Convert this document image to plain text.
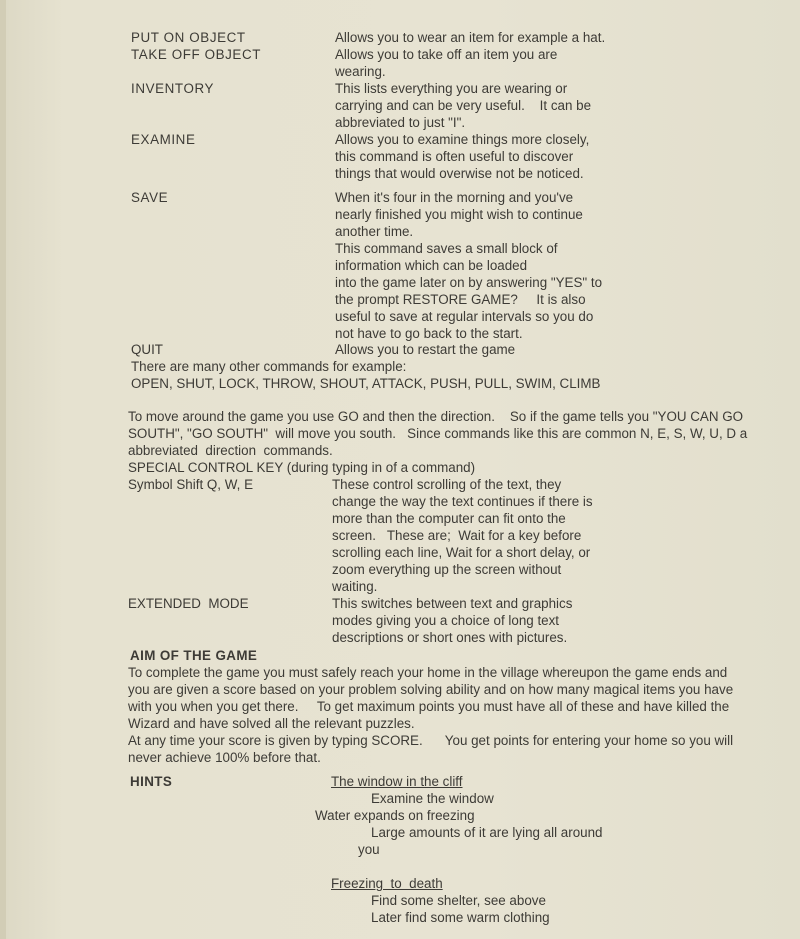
PUT ON OBJECT	Allows you to wear an item for example a hat.
TAKE OFF OBJECT	Allows you to take off an item you are
wearing.
INVENTORY	This lists everything you are wearing or
carrying and can be very useful.    It can be
abbreviated to just "I".
EXAMINE	Allows you to examine things more closely,
this command is often useful to discover
things that would overwise not be noticed.
SAVE	When it's four in the morning and you've
nearly finished you might wish to continue
another time.
This command saves a small block of
information which can be loaded
into the game later on by answering "YES" to
the prompt RESTORE GAME?     It is also
useful to save at regular intervals so you do
not have to go back to the start.
QUIT	Allows you to restart the game
There are many other commands for example:
OPEN, SHUT, LOCK, THROW, SHOUT, ATTACK, PUSH, PULL, SWIM, CLIMB
To move around the game you use GO and then the direction.    So if the game tells you "YOU CAN GO
SOUTH", "GO SOUTH"  will move you south.   Since commands like this are common N, E, S, W, U, D a
abbreviated  direction  commands.
SPECIAL CONTROL KEY (during typing in of a command)
Symbol Shift Q, W, E	These control scrolling of the text, they
change the way the text continues if there is
more than the computer can fit onto the
screen.   These are;  Wait for a key before
scrolling each line, Wait for a short delay, or
zoom everything up the screen without
waiting.
EXTENDED  MODE	This switches between text and graphics
modes giving you a choice of long text
descriptions or short ones with pictures.
AIM OF THE GAME
To complete the game you must safely reach your home in the village whereupon the game ends and
you are given a score based on your problem solving ability and on how many magical items you have
with you when you get there.     To get maximum points you must have all of these and have killed the
Wizard and have solved all the relevant puzzles.
At any time your score is given by typing SCORE.      You get points for entering your home so you will
never achieve 100% before that.
HINTS	The window in the cliff
Examine the window
Water expands on freezing
Large amounts of it are lying all around
you
Freezing  to  death
Find some shelter, see above
Later find some warm clothing
